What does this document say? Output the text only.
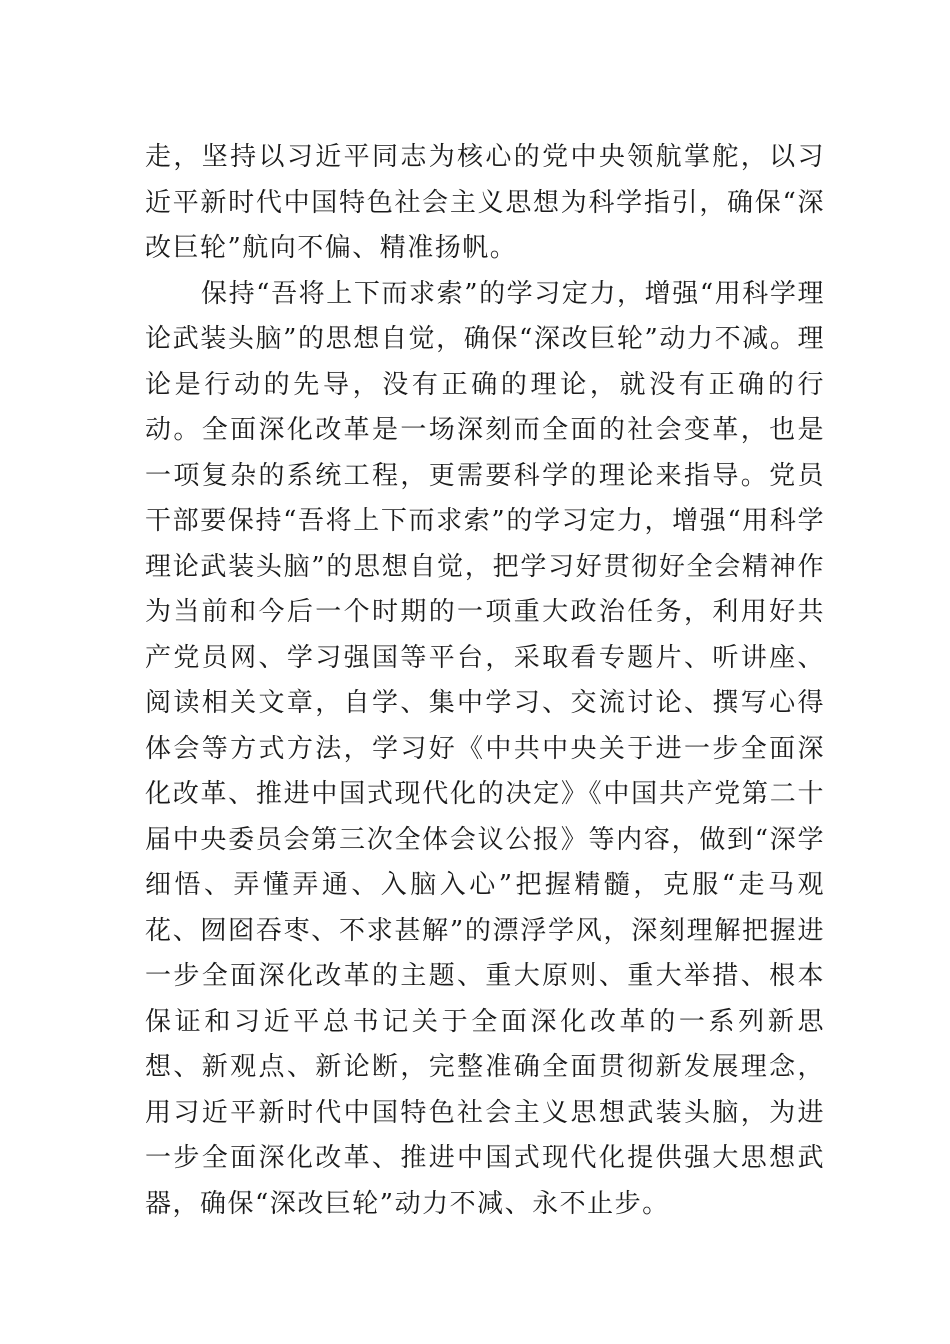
走，坚持以习近平同志为核心的党中央领航掌舵，以习近平新时代中国特色社会主义思想为科学指引，确保“深改巨轮”航向不偏、精准扬帆。

保持“吾将上下而求索”的学习定力，增强“用科学理论武装头脑”的思想自觉，确保“深改巨轮”动力不减。理论是行动的先导，没有正确的理论，就没有正确的行动。全面深化改革是一场深刻而全面的社会变革，也是一项复杂的系统工程，更需要科学的理论来指导。党员干部要保持“吾将上下而求索”的学习定力，增强“用科学理论武装头脑”的思想自觉，把学习好贯彻好全会精神作为当前和今后一个时期的一项重大政治任务，利用好共产党员网、学习强国等平台，采取看专题片、听讲座、阅读相关文章，自学、集中学习、交流讨论、撰写心得体会等方式方法，学习好《中共中央关于进一步全面深化改革、推进中国式现代化的决定》《中国共产党第二十届中央委员会第三次全体会议公报》等内容，做到“深学细悟、弄懂弄通、入脑入心”把握精髓，克服“走马观花、囫囵吞枣、不求甚解”的漂浮学风，深刻理解把握进一步全面深化改革的主题、重大原则、重大举措、根本保证和习近平总书记关于全面深化改革的一系列新思想、新观点、新论断，完整准确全面贯彻新发展理念，用习近平新时代中国特色社会主义思想武装头脑，为进一步全面深化改革、推进中国式现代化提供强大思想武器，确保“深改巨轮”动力不减、永不止步。
